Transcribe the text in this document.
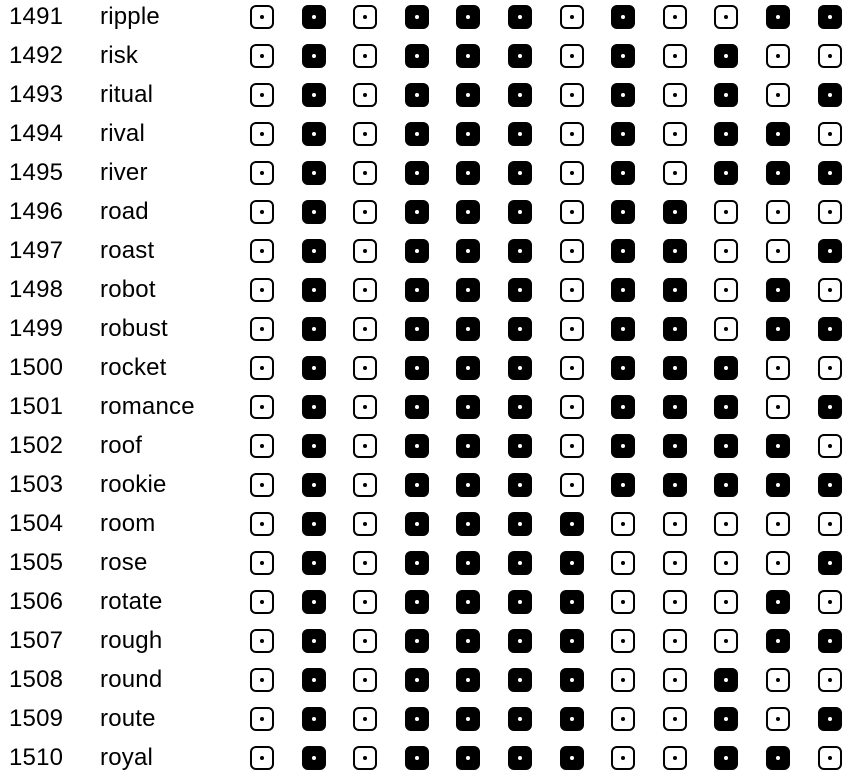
1491 ripple
1492 risk
1493 ritual
1494 rival
1495 river
1496 road
1497 roast
1498 robot
1499 robust
1500 rocket
1501 romance
1502 roof
1503 rookie
1504 room
1505 rose
1506 rotate
1507 rough
1508 round
1509 route
1510 royal
